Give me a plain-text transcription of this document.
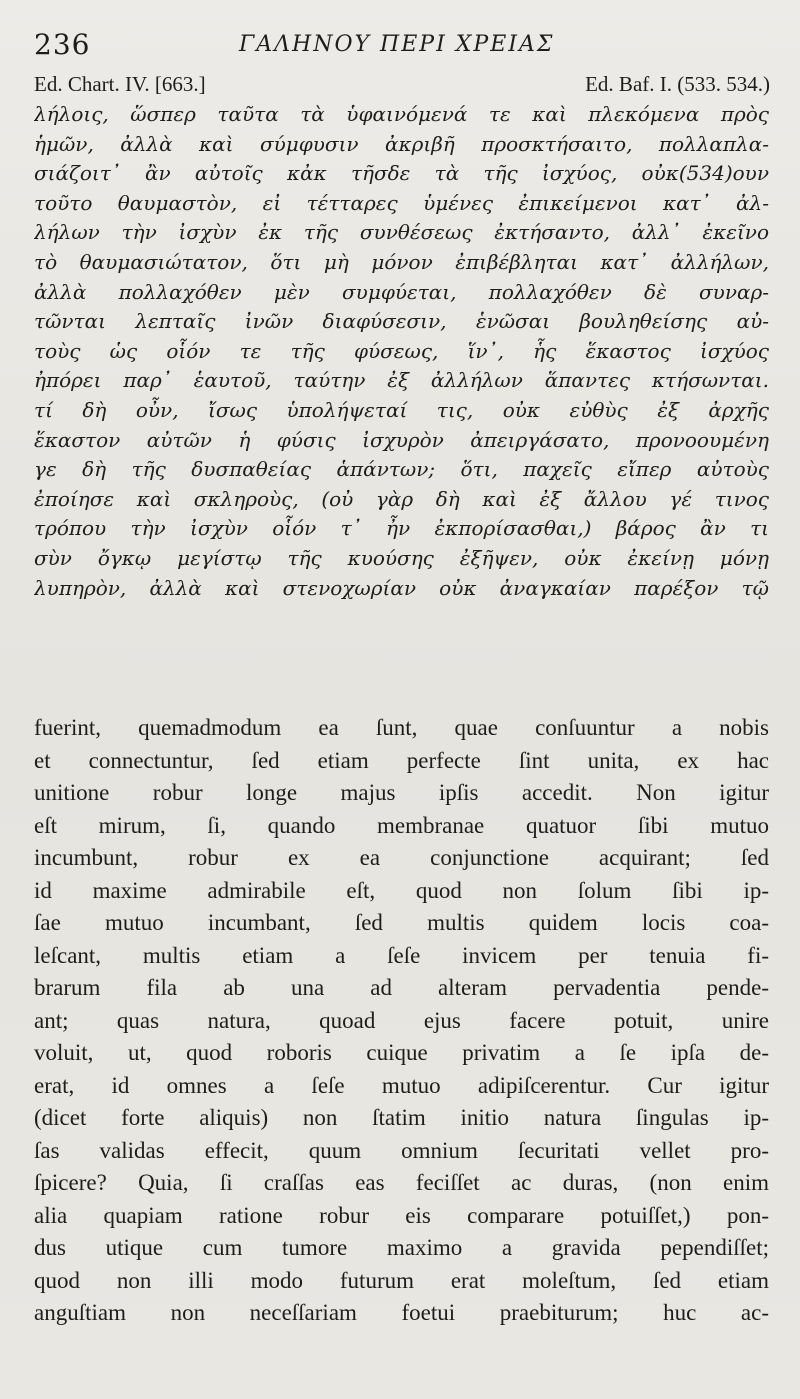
236	ΓΑΛΗΝΟΥ ΠΕΡΙ ΧΡΕΙΑΣ
Ed. Chart. IV. [663.]	Ed. Baf. I. (533. 534.)
λήλοις, ὥσπερ ταῦτα τὰ ὑφαινόμενά τε καὶ πλεκόμενα πρὸς
ἡμῶν, ἀλλὰ καὶ σύμφυσιν ἀκριβῆ προσκτήσαιτο, πολλαπλα-
σιάζοιτ᾽ ἂν αὐτοῖς κἀκ τῆσδε τὰ τῆς ἰσχύος, οὐκ(534)ουν
τοῦτο θαυμαστὸν, εἰ τέτταρες ὑμένες ἐπικείμενοι κατ᾽ ἀλ-
λήλων τὴν ἰσχὺν ἐκ τῆς συνθέσεως ἐκτήσαντο, ἀλλ᾽ ἐκεῖνο
τὸ θαυμασιώτατον, ὅτι μὴ μόνον ἐπιβέβληται κατ᾽ ἀλλήλων,
ἀλλὰ πολλαχόθεν μὲν συμφύεται, πολλαχόθεν δὲ συναρ-
τῶνται λεπταῖς ἰνῶν διαφύσεσιν, ἑνῶσαι βουληθείσης αὐ-
τοὺς ὡς οἷόν τε τῆς φύσεως, ἵν᾽, ἧς ἕκαστος ἰσχύος
ἠπόρει παρ᾽ ἑαυτοῦ, ταύτην ἐξ ἀλλήλων ἅπαντες κτήσωνται.
τί δὴ οὖν, ἴσως ὑπολήψεταί τις, οὐκ εὐθὺς ἐξ ἀρχῆς
ἕκαστον αὐτῶν ἡ φύσις ἰσχυρὸν ἀπειργάσατο, προνοουμένη
γε δὴ τῆς δυσπαθείας ἁπάντων; ὅτι, παχεῖς εἴπερ αὐτοὺς
ἐποίησε καὶ σκληροὺς, (οὐ γὰρ δὴ καὶ ἐξ ἄλλου γέ τινος
τρόπου τὴν ἰσχὺν οἷόν τ᾽ ἦν ἐκπορίσασθαι,) βάρος ἂν τι
σὺν ὄγκῳ μεγίστῳ τῆς κυούσης ἐξῆψεν, οὐκ ἐκείνῃ μόνῃ
λυπηρὸν, ἀλλὰ καὶ στενοχωρίαν οὐκ ἀναγκαίαν παρέξον τῷ
fuerint, quemadmodum ea ſunt, quae conſuuntur a nobis
et connectuntur, ſed etiam perfecte ſint unita, ex hac
unitione robur longe majus ipſis accedit. Non igitur
eſt mirum, ſi, quando membranae quatuor ſibi mutuo
incumbunt, robur ex ea conjunctione acquirant; ſed
id maxime admirabile eſt, quod non ſolum ſibi ip-
ſae mutuo incumbant, ſed multis quidem locis coa-
leſcant, multis etiam a ſeſe invicem per tenuia fi-
brarum fila ab una ad alteram pervadentia pende-
ant; quas natura, quoad ejus facere potuit, unire
voluit, ut, quod roboris cuique privatim a ſe ipſa de-
erat, id omnes a ſeſe mutuo adipiſcerentur. Cur igitur
(dicet forte aliquis) non ſtatim initio natura ſingulas ip-
ſas validas effecit, quum omnium ſecuritati vellet pro-
ſpicere? Quia, ſi craſſas eas feciſſet ac duras, (non enim
alia quapiam ratione robur eis comparare potuiſſet,) pon-
dus utique cum tumore maximo a gravida pependiſſet;
quod non illi modo futurum erat moleſtum, ſed etiam
anguſtiam non neceſſariam foetui praebiturum; huc ac-
